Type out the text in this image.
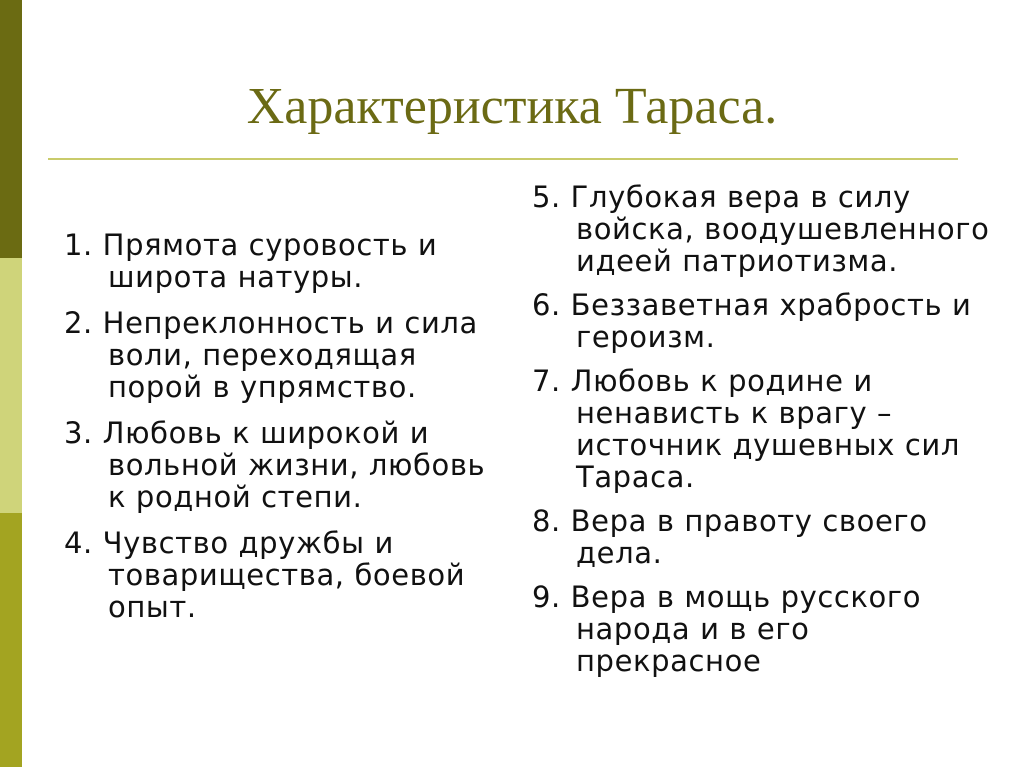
Характеристика Тараса.
1. Прямота суровость и широта натуры.
2. Непреклонность и сила воли, переходящая порой в упрямство.
3. Любовь к широкой и вольной жизни, любовь к родной степи.
4. Чувство дружбы и товарищества, боевой опыт.
5. Глубокая вера в силу войска, воодушевленного идеей патриотизма.
6. Беззаветная храбрость и героизм.
7. Любовь к родине и ненависть к врагу – источник душевных сил Тараса.
8. Вера в правоту своего дела.
9. Вера в мощь русского народа и в его прекрасное
